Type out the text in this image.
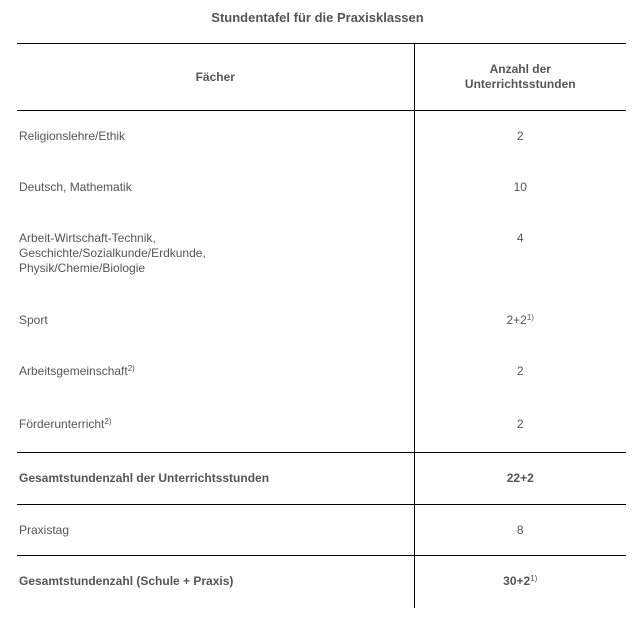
Stundentafel für die Praxisklassen
Fächer	Anzahl der
Unterrichtsstunden
Religionslehre/Ethik	2
Deutsch, Mathematik	10
Arbeit-Wirtschaft-Technik,
Geschichte/Sozialkunde/Erdkunde,
Physik/Chemie/Biologie	4
Sport	$2+2^{1)}$
Arbeitsgemeinschaft$^{2)}$	2
Förderunterricht$^{2)}$	2
Gesamtstundenzahl der Unterrichtsstunden	22+2
Praxistag	8
Gesamtstundenzahl (Schule + Praxis)	$30+2^{1)}$
